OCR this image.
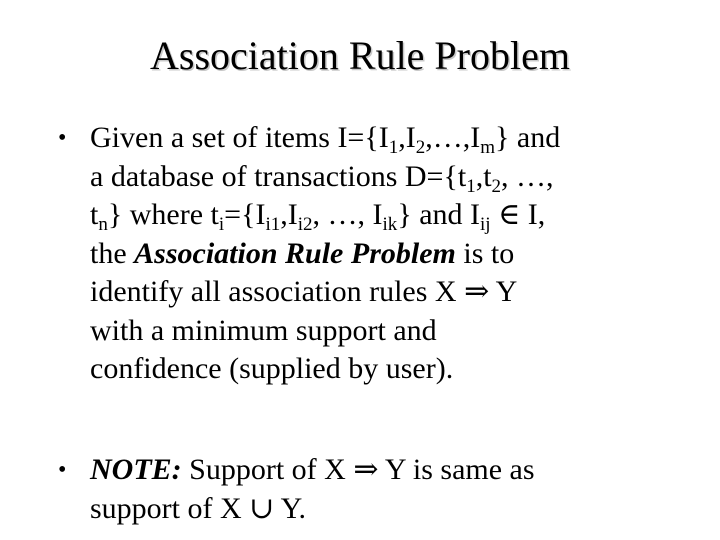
Association Rule Problem
• Given a set of items $I=\{I_1,I_2,\dots,I_m\}$ and
a database of transactions $D=\{t_1,t_2$, …,
$t_n$} where $t_i=\{I_{i1},I_{i2}$, …, $I_{ik}$} and $I_{ij}$ ∈ I,
the Association Rule Problem is to
identify all association rules X ⇒ Y
with a minimum support and
confidence (supplied by user).
• NOTE: Support of X ⇒ Y is same as
support of X ∪ Y.
